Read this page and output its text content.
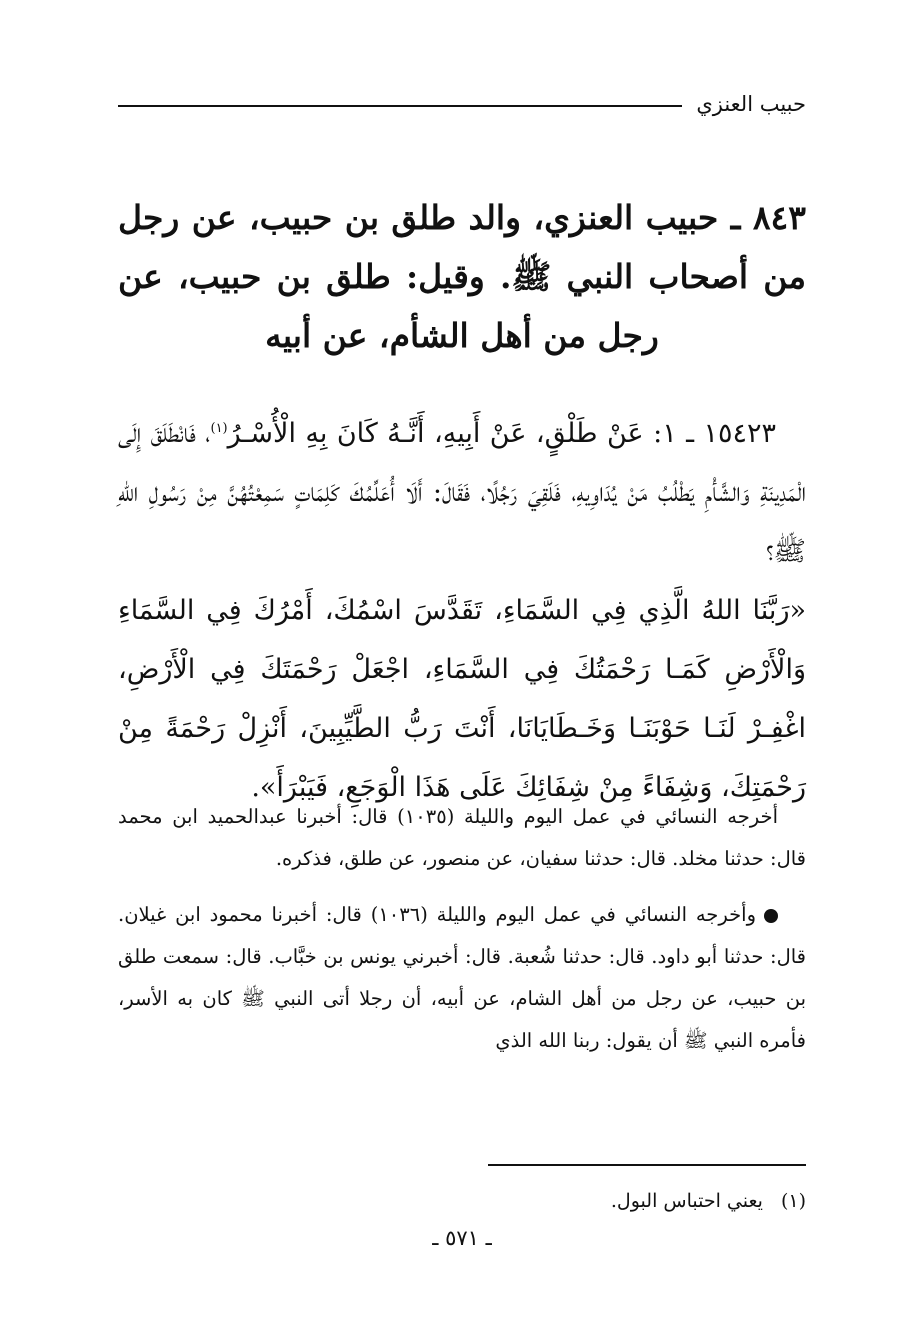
حبيب العنزي
٨٤٣ ـ حبيب العنزي، والد طلق بن حبيب، عن رجل من أصحاب النبي ﷺ. وقيل: طلق بن حبيب، عن رجل من أهل الشأم، عن أبيه

١٥٤٢٣ ـ ١: عَنْ طَلْقٍ، عَنْ أَبِيهِ، أَنَّـهُ كَانَ بِهِ الْأُسْـرُ$^{(١)}$، فَانْطَلَقَ إِلَى الْمَدِينَةِ وَالشَّأْمِ يَطْلُبُ مَنْ يُدَاوِيهِ، فَلَقِيَ رَجُلًا، فَقَالَ: أَلَا أُعَلِّمُكَ كَلِمَاتٍ سَمِعْتُهُنَّ مِنْ رَسُولِ اللهِ ﷺ؟

«رَبَّنَا اللهُ الَّذِي فِي السَّمَاءِ، تَقَدَّسَ اسْمُكَ، أَمْرُكَ فِي السَّمَاءِ وَالْأَرْضِ كَمَـا رَحْمَتُكَ فِي السَّمَاءِ، اجْعَلْ رَحْمَتَكَ فِي الْأَرْضِ، اغْفِـرْ لَنَـا حَوْبَنَـا وَخَـطَايَانَا، أَنْتَ رَبُّ الطَّيِّبِينَ، أَنْزِلْ رَحْمَةً مِنْ رَحْمَتِكَ، وَشِفَاءً مِنْ شِفَائِكَ عَلَى هَذَا الْوَجَعِ، فَيَبْرَأَ».

أخرجه النسائي في عمل اليوم والليلة (١٠٣٥) قال: أخبرنا عبدالحميد ابن محمد قال: حدثنا مخلد. قال: حدثنا سفيان، عن منصور، عن طلق، فذكره.

وأخرجه النسائي في عمل اليوم والليلة (١٠٣٦) قال: أخبرنا محمود ابن غيلان. قال: حدثنا أبو داود. قال: حدثنا شُعبة. قال: أخبرني يونس بن خبَّاب. قال: سمعت طلق بن حبيب، عن رجل من أهل الشام، عن أبيه، أن رجلا أتى النبي ﷺ كان به الأسر، فأمره النبي ﷺ أن يقول: ربنا الله الذي

(١)يعني احتباس البول.
ـ ٥٧١ ـ
